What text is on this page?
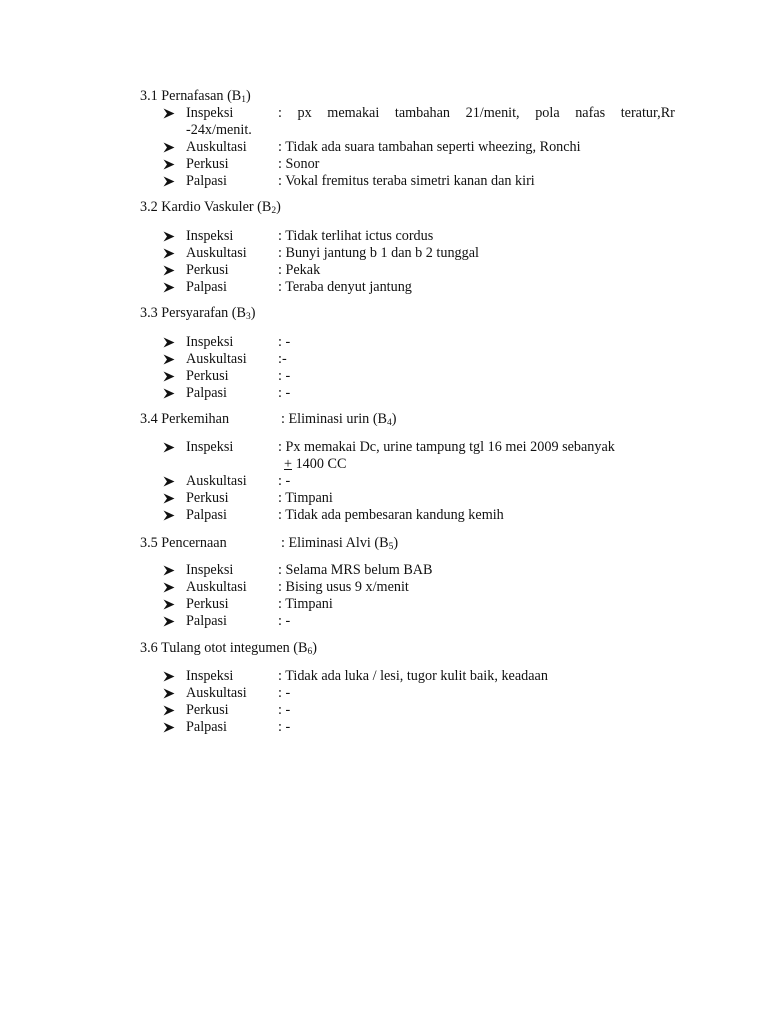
3.1 Pernafasan $(B_1)$
Inspeksi	: px memakai tambahan 21/menit, pola nafas teratur,Rr
-24x/menit.
Auskultasi : Tidak ada suara tambahan seperti wheezing, Ronchi
Perkusi	: Sonor
Palpasi	: Vokal fremitus teraba simetri kanan dan kiri
3.2 Kardio Vaskuler $(B_2)$
Inspeksi	: Tidak terlihat ictus cordus
Auskultasi : Bunyi jantung b 1 dan b 2 tunggal
Perkusi	: Pekak
Palpasi	: Teraba denyut jantung
3.3 Persyarafan $(B_3)$
Inspeksi	: -
Auskultasi :-
Perkusi	: -
Palpasi	: -
3.4 Perkemihan	: Eliminasi urin $(B_4)$
Inspeksi	: Px memakai Dc, urine tampung tgl 16 mei 2009 sebanyak
+ 1400 CC
Auskultasi : -
Perkusi	: Timpani
Palpasi	: Tidak ada pembesaran kandung kemih
3.5 Pencernaan	: Eliminasi Alvi $(B_5)$
Inspeksi	: Selama MRS belum BAB
Auskultasi : Bising usus 9 x/menit
Perkusi	: Timpani
Palpasi	: -
3.6 Tulang otot integumen $(B_6)$
Inspeksi	: Tidak ada luka / lesi, tugor kulit baik, keadaan
Auskultasi : -
Perkusi	: -
Palpasi	: -
